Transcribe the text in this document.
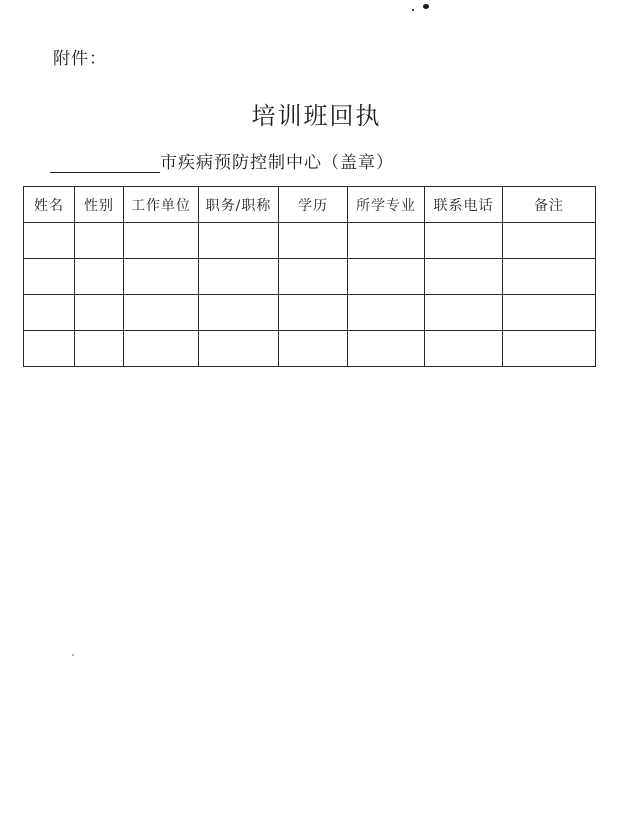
附件：
培训班回执
市疾病预防控制中心（盖章）
姓名	性别	工作单位	职务/职称	学历	所学专业	联系电话	备注
